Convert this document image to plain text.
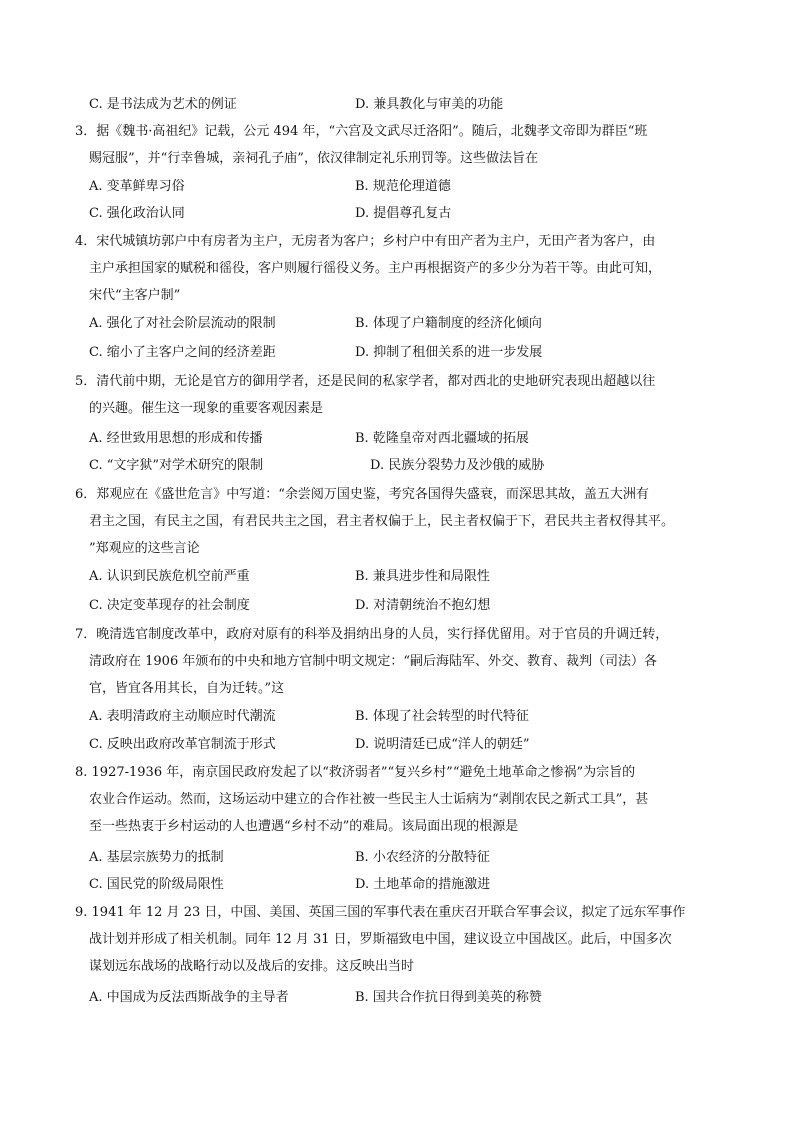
C. 是书法成为艺术的例证	D. 兼具教化与审美的功能
3．据《魏书·高祖纪》记载，公元 494 年，“六宫及文武尽迁洛阳”。随后，北魏孝文帝即为群臣“班
赐冠服”，并“行幸鲁城，亲祠孔子庙”，依汉律制定礼乐刑罚等。这些做法旨在
A. 变革鲜卑习俗	B. 规范伦理道德
C. 强化政治认同	D. 提倡尊孔复古
4．宋代城镇坊郭户中有房者为主户，无房者为客户；乡村户中有田产者为主户，无田产者为客户，由
主户承担国家的赋税和徭役，客户则履行徭役义务。主户再根据资产的多少分为若干等。由此可知，
宋代“主客户制”
A. 强化了对社会阶层流动的限制	B. 体现了户籍制度的经济化倾向
C. 缩小了主客户之间的经济差距	D. 抑制了租佃关系的进一步发展
5．清代前中期，无论是官方的御用学者，还是民间的私家学者，都对西北的史地研究表现出超越以往
的兴趣。催生这一现象的重要客观因素是
A. 经世致用思想的形成和传播	B. 乾隆皇帝对西北疆域的拓展
C. “文字狱”对学术研究的限制	D. 民族分裂势力及沙俄的威胁
6．郑观应在《盛世危言》中写道：“余尝阅万国史鉴，考究各国得失盛衰，而深思其故，盖五大洲有
君主之国，有民主之国，有君民共主之国，君主者权偏于上，民主者权偏于下，君民共主者权得其平。
”郑观应的这些言论
A. 认识到民族危机空前严重	B. 兼具进步性和局限性
C. 决定变革现存的社会制度	D. 对清朝统治不抱幻想
7．晚清选官制度改革中，政府对原有的科举及捐纳出身的人员，实行择优留用。对于官员的升调迁转，
清政府在 1906 年颁布的中央和地方官制中明文规定：“嗣后海陆军、外交、教育、裁判（司法）各
官，皆宜各用其长，自为迁转。”这
A. 表明清政府主动顺应时代潮流	B. 体现了社会转型的时代特征
C. 反映出政府改革官制流于形式	D. 说明清廷已成“洋人的朝廷”
8. 1927-1936 年，南京国民政府发起了以“救济弱者”“复兴乡村”“避免土地革命之惨祸”为宗旨的
农业合作运动。然而，这场运动中建立的合作社被一些民主人士诟病为“剥削农民之新式工具”，甚
至一些热衷于乡村运动的人也遭遇“乡村不动”的难局。该局面出现的根源是
A. 基层宗族势力的抵制	B. 小农经济的分散特征
C. 国民党的阶级局限性	D. 土地革命的措施激进
9. 1941 年 12 月 23 日，中国、美国、英国三国的军事代表在重庆召开联合军事会议，拟定了远东军事作
战计划并形成了相关机制。同年 12 月 31 日，罗斯福致电中国，建议设立中国战区。此后，中国多次
谋划远东战场的战略行动以及战后的安排。这反映出当时
A. 中国成为反法西斯战争的主导者	B. 国共合作抗日得到美英的称赞
